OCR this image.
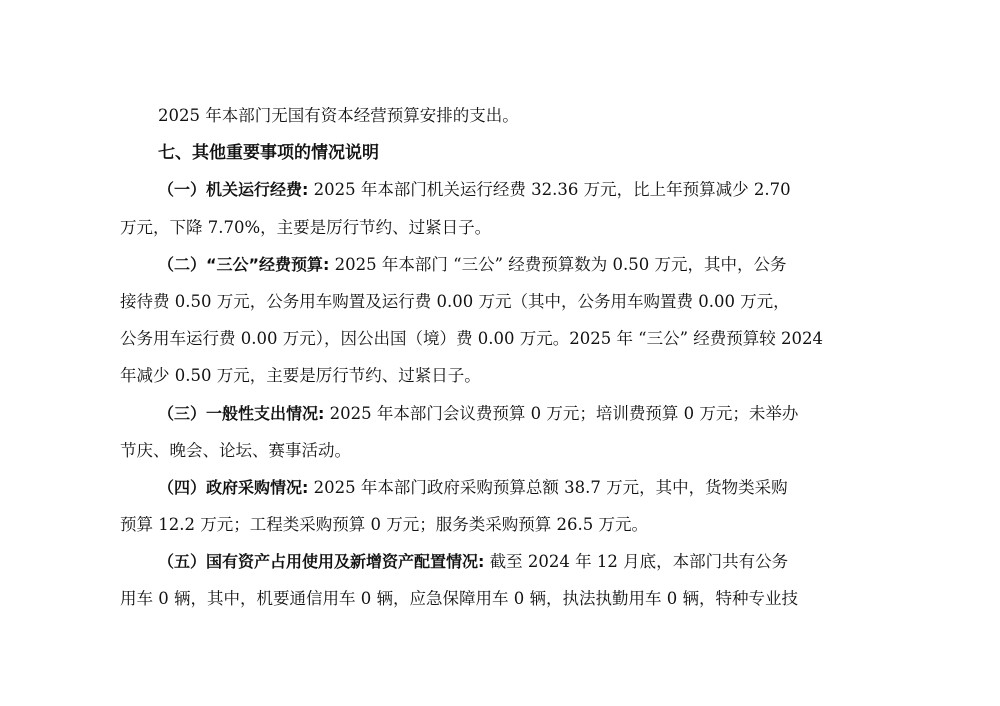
2025 年本部门无国有资本经营预算安排的支出。
七、其他重要事项的情况说明
（一）机关运行经费: 2025 年本部门机关运行经费 32.36 万元，比上年预算减少 2.70
万元，下降 7.70%，主要是厉行节约、过紧日子。
（二）“三公”经费预算: 2025 年本部门 “三公” 经费预算数为 0.50 万元，其中，公务
接待费 0.50 万元，公务用车购置及运行费 0.00 万元（其中，公务用车购置费 0.00 万元，
公务用车运行费 0.00 万元），因公出国（境）费 0.00 万元。2025 年 “三公” 经费预算较 2024
年减少 0.50 万元，主要是厉行节约、过紧日子。
（三）一般性支出情况: 2025 年本部门会议费预算 0 万元；培训费预算 0 万元；未举办
节庆、晚会、论坛、赛事活动。
（四）政府采购情况: 2025 年本部门政府采购预算总额 38.7 万元，其中，货物类采购
预算 12.2 万元；工程类采购预算 0 万元；服务类采购预算 26.5 万元。
（五）国有资产占用使用及新增资产配置情况: 截至 2024 年 12 月底，本部门共有公务
用车 0 辆，其中，机要通信用车 0 辆，应急保障用车 0 辆，执法执勤用车 0 辆，特种专业技
